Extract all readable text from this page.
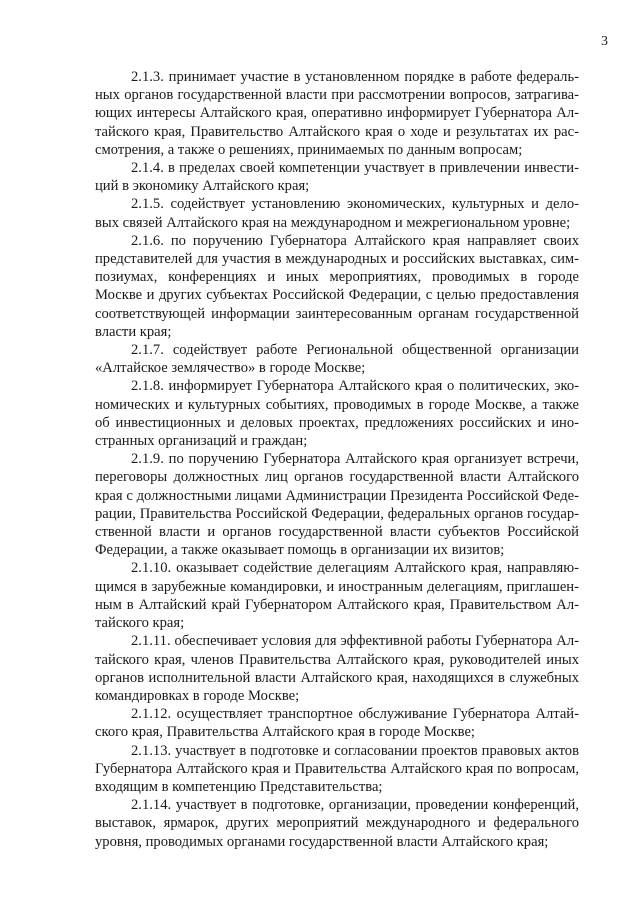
3

2.1.3. принимает участие в установленном порядке в работе федеральных органов государственной власти при рассмотрении вопросов, затрагивающих интересы Алтайского края, оперативно информирует Губернатора Алтайского края, Правительство Алтайского края о ходе и результатах их рассмотрения, а также о решениях, принимаемых по данным вопросам;

2.1.4. в пределах своей компетенции участвует в привлечении инвестиций в экономику Алтайского края;

2.1.5. содействует установлению экономических, культурных и деловых связей Алтайского края на международном и межрегиональном уровне;

2.1.6. по поручению Губернатора Алтайского края направляет своих представителей для участия в международных и российских выставках, симпозиумах, конференциях и иных мероприятиях, проводимых в городе Москве и других субъектах Российской Федерации, с целью предоставления соответствующей информации заинтересованным органам государственной власти края;

2.1.7. содействует работе Региональной общественной организации «Алтайское землячество» в городе Москве;

2.1.8. информирует Губернатора Алтайского края о политических, экономических и культурных событиях, проводимых в городе Москве, а также об инвестиционных и деловых проектах, предложениях российских и иностранных организаций и граждан;

2.1.9. по поручению Губернатора Алтайского края организует встречи, переговоры должностных лиц органов государственной власти Алтайского края с должностными лицами Администрации Президента Российской Федерации, Правительства Российской Федерации, федеральных органов государственной власти и органов государственной власти субъектов Российской Федерации, а также оказывает помощь в организации их визитов;

2.1.10. оказывает содействие делегациям Алтайского края, направляющимся в зарубежные командировки, и иностранным делегациям, приглашенным в Алтайский край Губернатором Алтайского края, Правительством Алтайского края;

2.1.11. обеспечивает условия для эффективной работы Губернатора Алтайского края, членов Правительства Алтайского края, руководителей иных органов исполнительной власти Алтайского края, находящихся в служебных командировках в городе Москве;

2.1.12. осуществляет транспортное обслуживание Губернатора Алтайского края, Правительства Алтайского края в городе Москве;

2.1.13. участвует в подготовке и согласовании проектов правовых актов Губернатора Алтайского края и Правительства Алтайского края по вопросам, входящим в компетенцию Представительства;

2.1.14. участвует в подготовке, организации, проведении конференций, выставок, ярмарок, других мероприятий международного и федерального уровня, проводимых органами государственной власти Алтайского края;
